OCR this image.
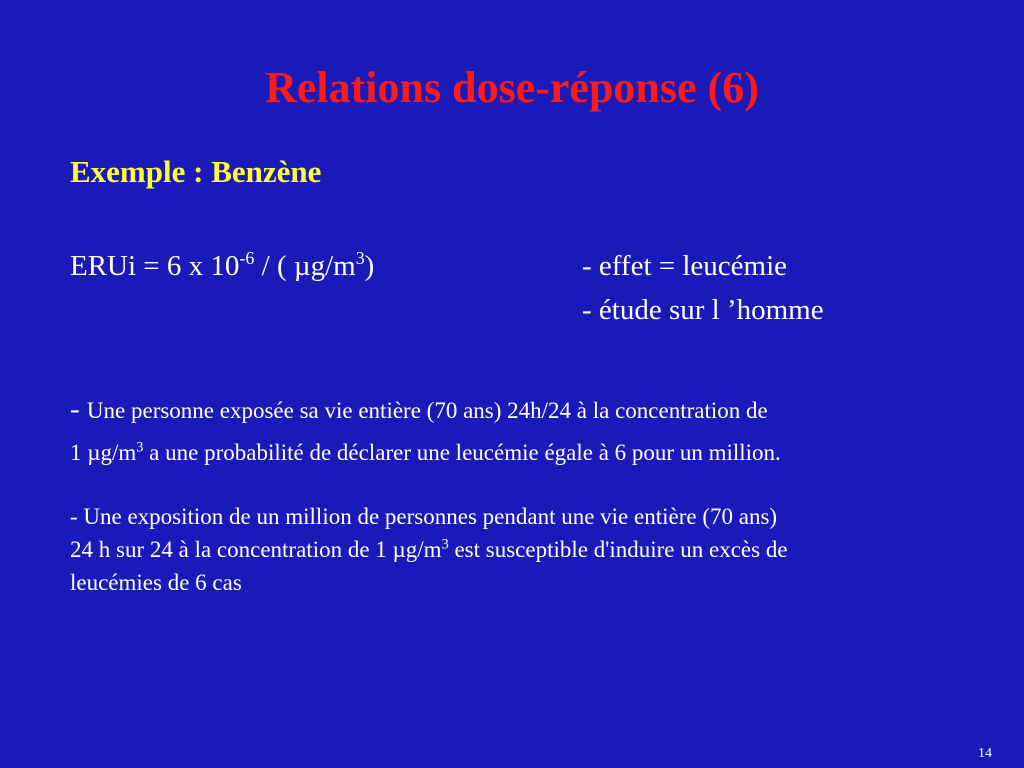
Relations dose-réponse (6)
Exemple : Benzène
ERUi = 6 x $10^{-6}$ / ( $\mu g/m^3$)	- effet = leucémie
- étude sur l ’homme
- Une personne exposée sa vie entière (70 ans) 24h/24 à la concentration de
1 $\mu g/m^3$ a une probabilité de déclarer une leucémie égale à 6 pour un million.
- Une exposition de un million de personnes pendant une vie entière (70 ans)
24 h sur 24 à la concentration de 1 $\mu g/m^3$ est susceptible d'induire un excès de
leucémies de 6 cas
14
